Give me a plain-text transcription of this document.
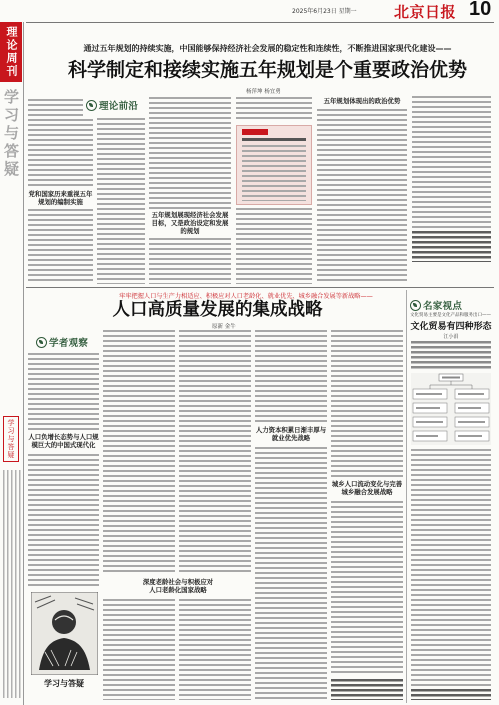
2025年6月23日 星期一 北京日报 10
理论周刊
学习与答疑
学习与答疑
通过五年规划的持续实施，中国能够保持经济社会发展的稳定性和连续性，不断推进国家现代化建设——
科学制定和接续实施五年规划是个重要政治优势
杨萍坤 杨宜勇
理论前沿
党和国家历来重视五年规划的编制实施
五年规划展现经济社会发展目标，又是政治设定和发展的规划
五年规划体现出的政治优势
牢牢把握人口与生产力相适应、积极应对人口老龄化、就业优先、城乡融合发展等新战略——
人口高质量发展的集成战略
原新 金牛
学者观察
人口负增长态势与人口规模巨大的中国式现代化
学习与答疑
深度老龄社会与积极应对人口老龄化国家战略
人力资本积累日渐丰厚与就业优先战略
城乡人口流动变化与完善城乡融合发展战略
名家视点
文化贸易主要是文化产品和服务出口——
文化贸易有四种形态
江小涓
